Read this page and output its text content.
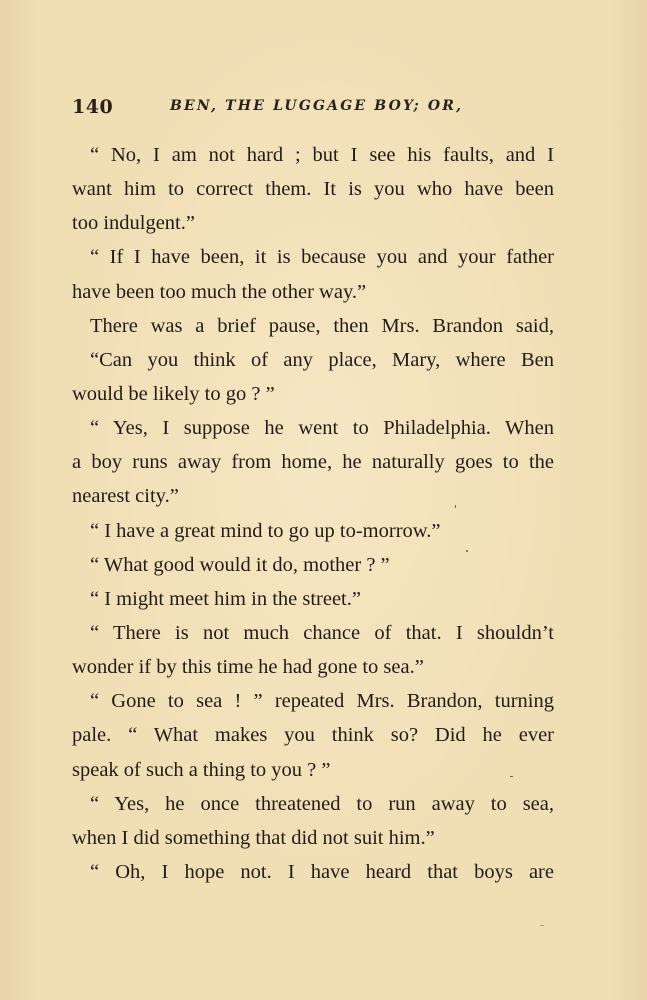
140	BEN, THE LUGGAGE BOY; OR,
“ No, I am not hard ; but I see his faults, and I
want him to correct them. It is you who have been
too indulgent.”
“ If I have been, it is because you and your father
have been too much the other way.”
There was a brief pause, then Mrs. Brandon said,
“Can you think of any place, Mary, where Ben
would be likely to go ? ”
“ Yes, I suppose he went to Philadelphia. When
a boy runs away from home, he naturally goes to the
nearest city.”
“ I have a great mind to go up to-morrow.”
“ What good would it do, mother ? ”
“ I might meet him in the street.”
“ There is not much chance of that. I shouldn’t
wonder if by this time he had gone to sea.”
“ Gone to sea ! ” repeated Mrs. Brandon, turning
pale. “ What makes you think so? Did he ever
speak of such a thing to you ? ”
“ Yes, he once threatened to run away to sea,
when I did something that did not suit him.”
“ Oh, I hope not. I have heard that boys are
